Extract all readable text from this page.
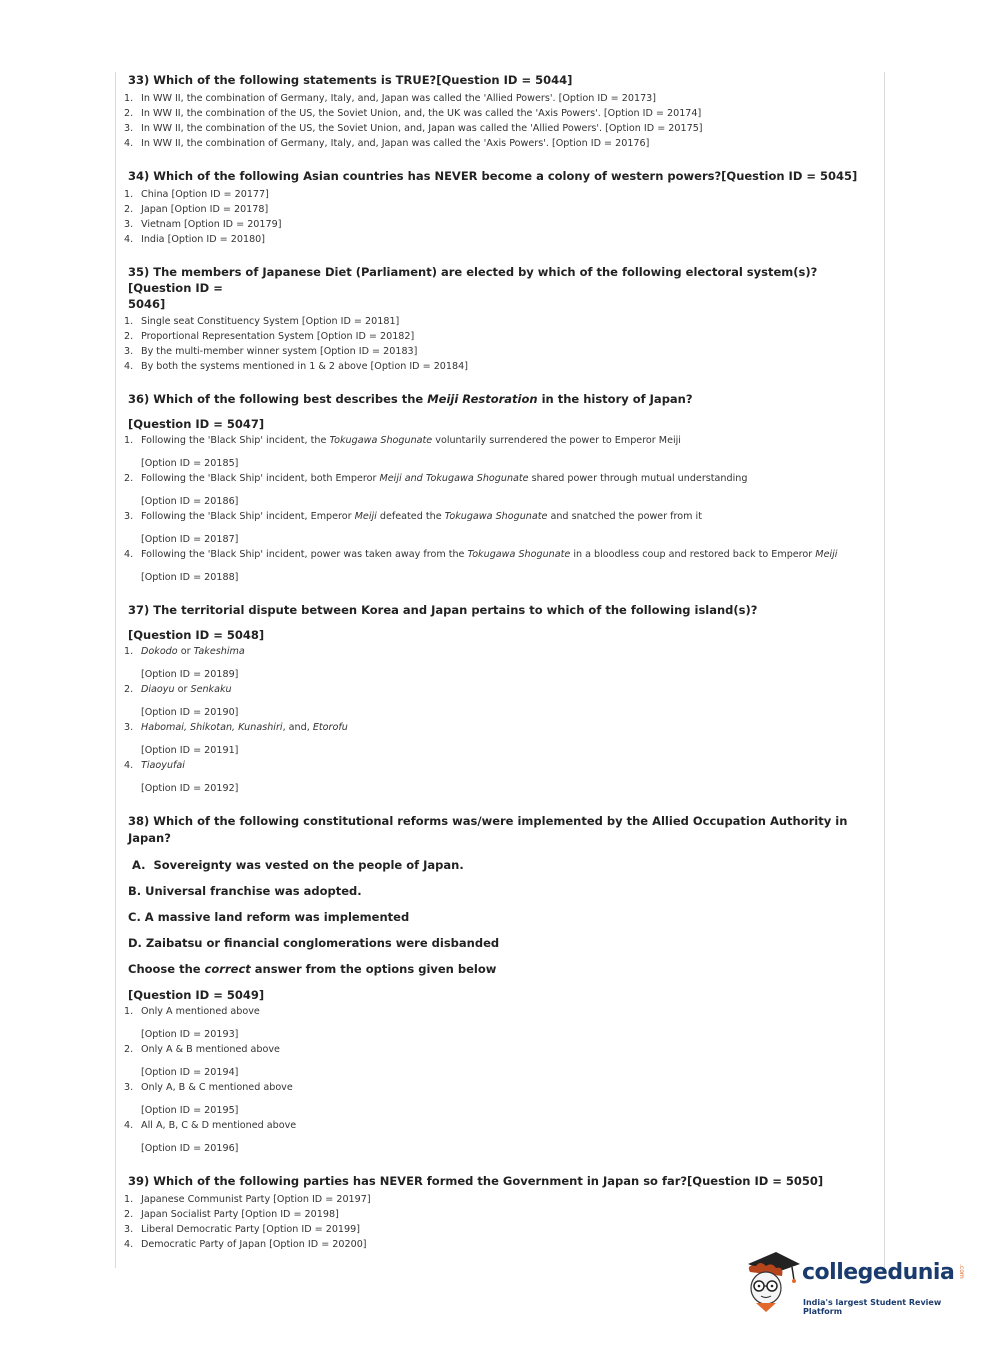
33) Which of the following statements is TRUE?[Question ID = 5044]
1. In WW II, the combination of Germany, Italy, and, Japan was called the 'Allied Powers'. [Option ID = 20173]
2. In WW II, the combination of the US, the Soviet Union, and, the UK was called the 'Axis Powers'. [Option ID = 20174]
3. In WW II, the combination of the US, the Soviet Union, and, Japan was called the 'Allied Powers'. [Option ID = 20175]
4. In WW II, the combination of Germany, Italy, and, Japan was called the 'Axis Powers'. [Option ID = 20176]
34) Which of the following Asian countries has NEVER become a colony of western powers?[Question ID = 5045]
1. China [Option ID = 20177]
2. Japan [Option ID = 20178]
3. Vietnam [Option ID = 20179]
4. India [Option ID = 20180]
35) The members of Japanese Diet (Parliament) are elected by which of the following electoral system(s)?[Question ID =
5046]
1. Single seat Constituency System [Option ID = 20181]
2. Proportional Representation System [Option ID = 20182]
3. By the multi-member winner system [Option ID = 20183]
4. By both the systems mentioned in 1 & 2 above [Option ID = 20184]
36) Which of the following best describes the Meiji Restoration in the history of Japan?
[Question ID = 5047]
1. Following the 'Black Ship' incident, the Tokugawa Shogunate voluntarily surrendered the power to Emperor Meiji
[Option ID = 20185]
2. Following the 'Black Ship' incident, both Emperor Meiji and Tokugawa Shogunate shared power through mutual understanding
[Option ID = 20186]
3. Following the 'Black Ship' incident, Emperor Meiji defeated the Tokugawa Shogunate and snatched the power from it
[Option ID = 20187]
4. Following the 'Black Ship' incident, power was taken away from the Tokugawa Shogunate in a bloodless coup and restored back to Emperor Meiji
[Option ID = 20188]
37) The territorial dispute between Korea and Japan pertains to which of the following island(s)?
[Question ID = 5048]
1. Dokodo or Takeshima
[Option ID = 20189]
2. Diaoyu or Senkaku
[Option ID = 20190]
3. Habomai, Shikotan, Kunashiri, and, Etorofu
[Option ID = 20191]
4. Tiaoyufai
[Option ID = 20192]
38) Which of the following constitutional reforms was/were implemented by the Allied Occupation Authority in Japan?
A.  Sovereignty was vested on the people of Japan.
B. Universal franchise was adopted.
C. A massive land reform was implemented
D. Zaibatsu or financial conglomerations were disbanded
Choose the correct answer from the options given below
[Question ID = 5049]
1. Only A mentioned above
[Option ID = 20193]
2. Only A & B mentioned above
[Option ID = 20194]
3. Only A, B & C mentioned above
[Option ID = 20195]
4. All A, B, C & D mentioned above
[Option ID = 20196]
39) Which of the following parties has NEVER formed the Government in Japan so far?[Question ID = 5050]
1. Japanese Communist Party [Option ID = 20197]
2. Japan Socialist Party [Option ID = 20198]
3. Liberal Democratic Party [Option ID = 20199]
4. Democratic Party of Japan [Option ID = 20200]
collegedunia .com
India's largest Student Review Platform
